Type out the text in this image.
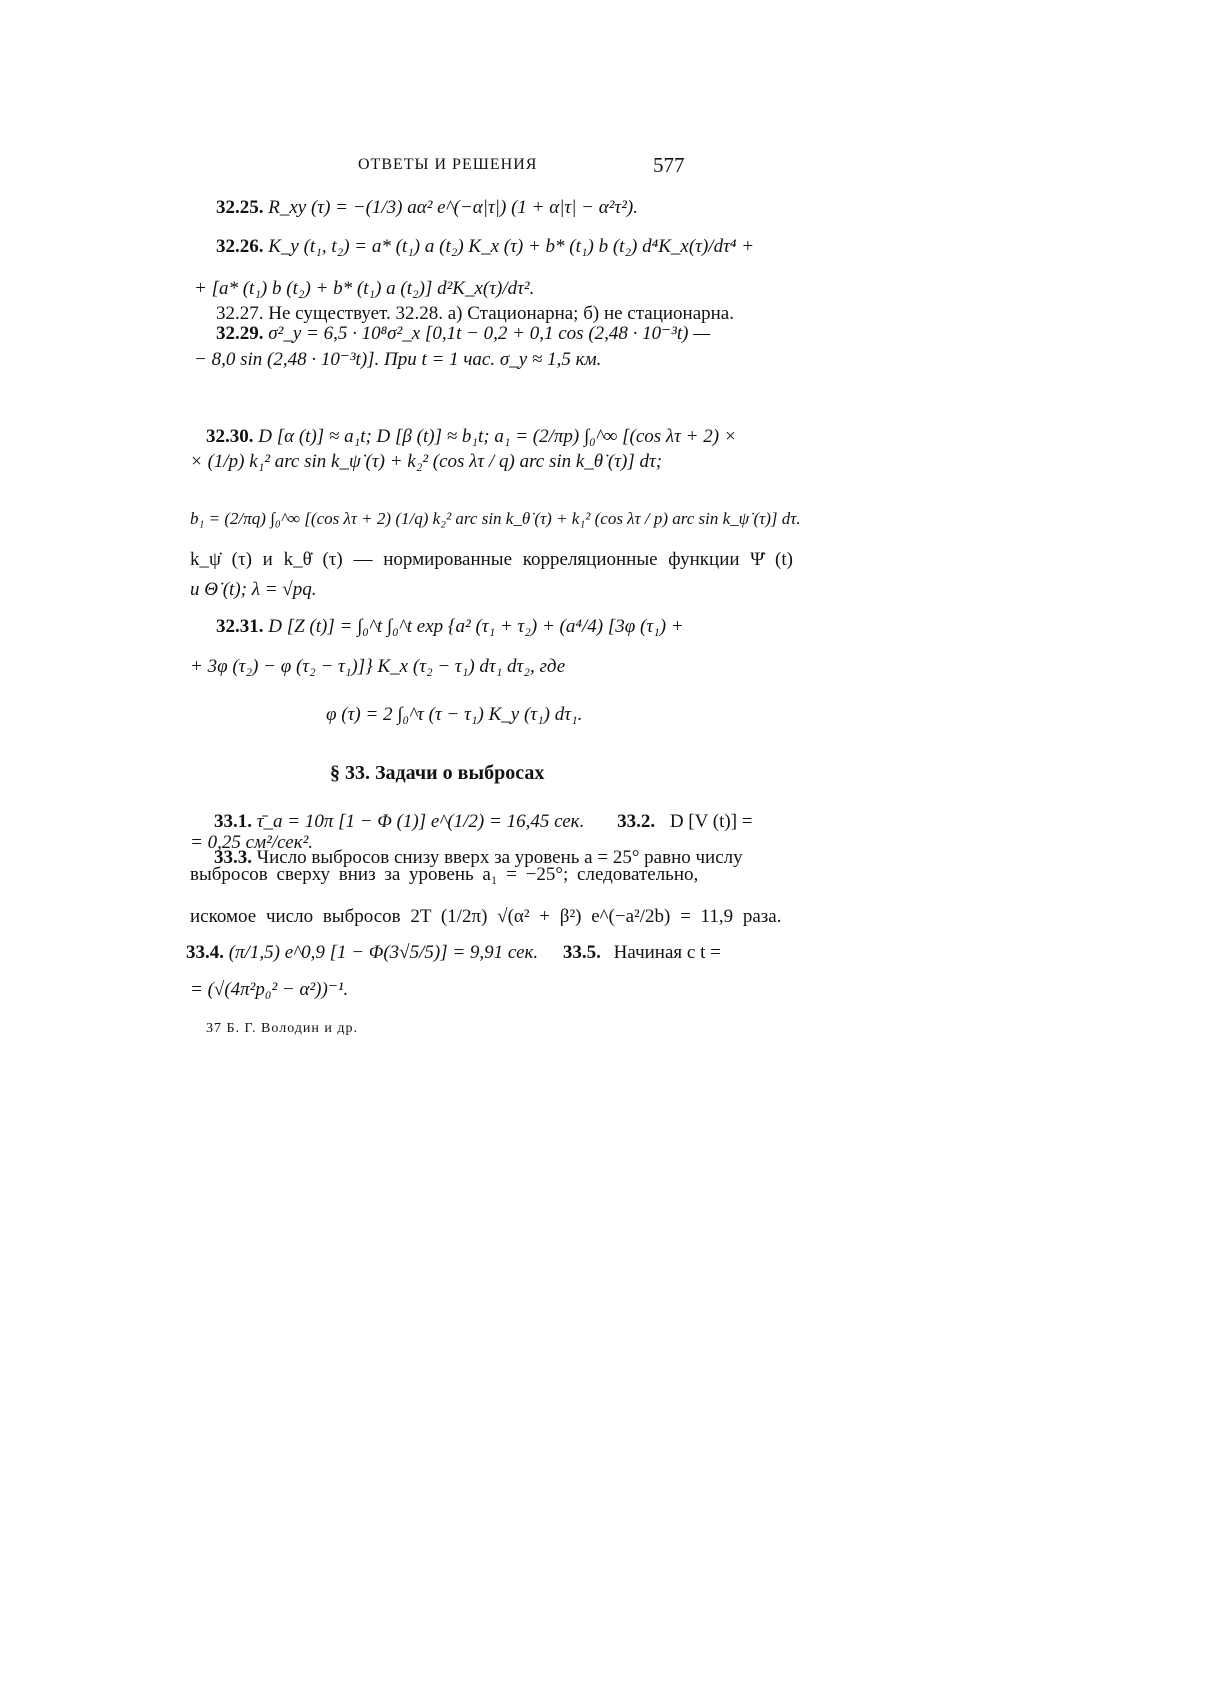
ОТВЕТЫ И РЕШЕНИЯ	577
32.25. R_xy (τ) = −(1/3) aα² e^(−α|τ|) (1 + α|τ| − α²τ²).
32.26. K_y (t₁, t₂) = a* (t₁) a (t₂) K_x (τ) + b* (t₁) b (t₂) d⁴K_x(τ)/dτ⁴ +
+ [a* (t₁) b (t₂) + b* (t₁) a (t₂)] d²K_x(τ)/dτ².
32.27. Не существует. 32.28. а) Стационарна; б) не стационарна.
32.29. σ²_y = 6,5 · 10⁸σ²_x [0,1t − 0,2 + 0,1 cos (2,48 · 10⁻³t) —
− 8,0 sin (2,48 · 10⁻³t)]. При t = 1 час. σ_y ≈ 1,5 км.
32.30. D [α (t)] ≈ a₁t; D [β (t)] ≈ b₁t; a₁ = (2/πp) ∫₀^∞ [(cos λτ + 2) ×
× (1/p) k₁² arc sin k_ψ̇ (τ) + k₂² (cos λτ / q) arc sin k_θ̇ (τ)] dτ;
b₁ = (2/πq) ∫₀^∞ [(cos λτ + 2) (1/q) k₂² arc sin k_θ̇ (τ) + k₁² (cos λτ / p) arc sin k_ψ̇ (τ)] dτ.
k_ψ̇ (τ) и k_θ̇ (τ) — нормированные корреляционные функции Ψ̇ (t)
и Θ̇ (t); λ = √pq.
32.31. D [Z (t)] = ∫₀^t ∫₀^t exp {a² (τ₁ + τ₂) + (a⁴/4) [3φ (τ₁) +
+ 3φ (τ₂) − φ (τ₂ − τ₁)]} K_x (τ₂ − τ₁) dτ₁ dτ₂, где
φ (τ) = 2 ∫₀^τ (τ − τ₁) K_y (τ₁) dτ₁.
§ 33. Задачи о выбросах
33.1. τ̄_a = 10π [1 − Φ (1)] e^(1/2) = 16,45 сек. 33.2. D [V (t)] =
= 0,25 см²/сек².
33.3. Число выбросов снизу вверх за уровень a = 25° равно числу
выбросов сверху вниз за уровень a₁ = −25°; следовательно,
искомое число выбросов 2T (1/2π) √(α² + β²) e^(−a²/2b) = 11,9 раза.
33.4. (π/1,5) e^0,9 [1 − Φ(3√5/5)] = 9,91 сек. 33.5. Начиная с t =
= (√(4π²p₀² − α²))⁻¹.
37 Б. Г. Володин и др.
